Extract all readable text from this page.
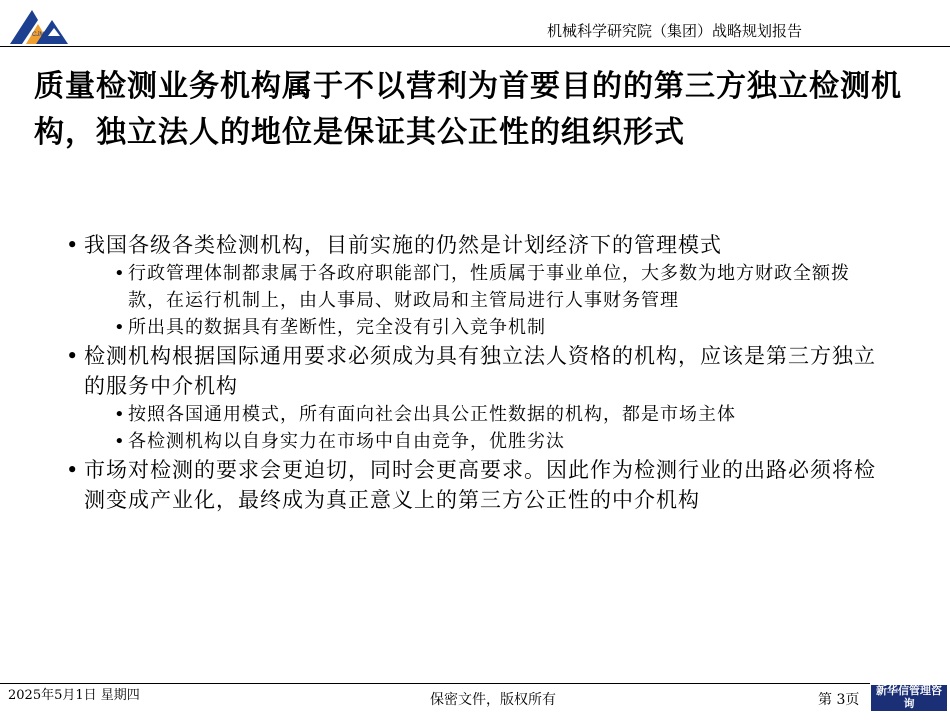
CJM	机械科学研究院（集团）战略规划报告
质量检测业务机构属于不以营利为首要目的的第三方独立检测机构，独立法人的地位是保证其公正性的组织形式
• 我国各级各类检测机构，目前实施的仍然是计划经济下的管理模式
• 行政管理体制都隶属于各政府职能部门，性质属于事业单位，大多数为地方财政全额拨款，在运行机制上，由人事局、财政局和主管局进行人事财务管理
• 所出具的数据具有垄断性，完全没有引入竞争机制
• 检测机构根据国际通用要求必须成为具有独立法人资格的机构，应该是第三方独立的服务中介机构
• 按照各国通用模式，所有面向社会出具公正性数据的机构，都是市场主体
• 各检测机构以自身实力在市场中自由竞争，优胜劣汰
• 市场对检测的要求会更迫切，同时会更高要求。因此作为检测行业的出路必须将检测变成产业化，最终成为真正意义上的第三方公正性的中介机构
2025年5月1日 星期四	保密文件，版权所有	第 3页
新华信管理咨询
SINOTRUST
